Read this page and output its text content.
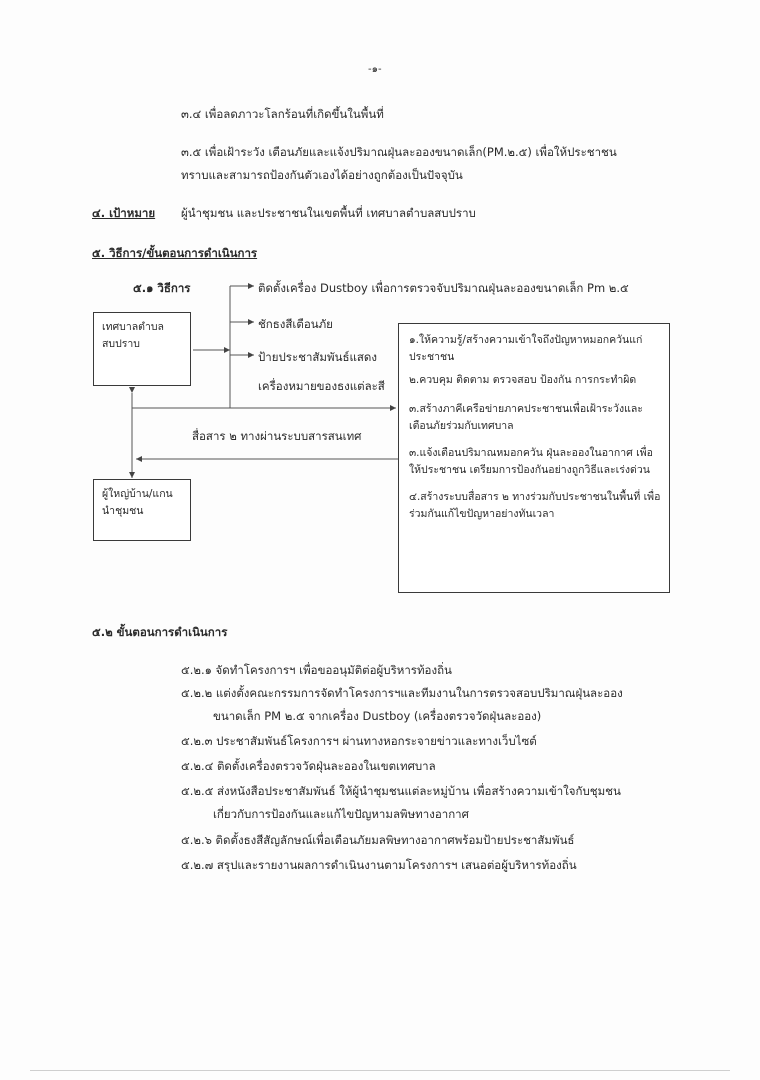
-๑-
๓.๔ เพื่อลดภาวะโลกร้อนที่เกิดขึ้นในพื้นที่
๓.๕ เพื่อเฝ้าระวัง เตือนภัยและแจ้งปริมาณฝุ่นละอองขนาดเล็ก(PM.๒.๕) เพื่อให้ประชาชน
ทราบและสามารถป้องกันตัวเองได้อย่างถูกต้องเป็นปัจจุบัน
๔. เป้าหมาย ผู้นำชุมชน และประชาชนในเขตพื้นที่ เทศบาลตำบลสบปราบ
๕. วิธีการ/ขั้นตอนการดำเนินการ
๕.๑ วิธีการ	ติดตั้งเครื่อง Dustboy เพื่อการตรวจจับปริมาณฝุ่นละอองขนาดเล็ก Pm ๒.๕
ชักธงสีเตือนภัย
ป้ายประชาสัมพันธ์แสดง
เครื่องหมายของธงแต่ละสี
เทศบาลตำบล สบปราบ
สื่อสาร ๒ ทางผ่านระบบสารสนเทศ
ผู้ใหญ่บ้าน/แกน นำชุมชน
๑.ให้ความรู้/สร้างความเข้าใจถึงปัญหาหมอกควันแก่ประชาชน
๒.ควบคุม ติดตาม ตรวจสอบ ป้องกัน การกระทำผิด
๓.สร้างภาคีเครือข่ายภาคประชาชนเพื่อเฝ้าระวังและเตือนภัยร่วมกับเทศบาล
๓.แจ้งเตือนปริมาณหมอกควัน ฝุ่นละอองในอากาศ เพื่อให้ประชาชน เตรียมการป้องกันอย่างถูกวิธีและเร่งด่วน
๔.สร้างระบบสื่อสาร ๒ ทางร่วมกับประชาชนในพื้นที่ เพื่อร่วมกันแก้ไขปัญหาอย่างทันเวลา
๕.๒ ขั้นตอนการดำเนินการ
๕.๒.๑ จัดทำโครงการฯ เพื่อขออนุมัติต่อผู้บริหารท้องถิ่น
๕.๒.๒ แต่งตั้งคณะกรรมการจัดทำโครงการฯและทีมงานในการตรวจสอบปริมาณฝุ่นละออง
ขนาดเล็ก PM ๒.๕ จากเครื่อง Dustboy (เครื่องตรวจวัดฝุ่นละออง)
๕.๒.๓ ประชาสัมพันธ์โครงการฯ ผ่านทางหอกระจายข่าวและทางเว็บไซต์
๕.๒.๔ ติดตั้งเครื่องตรวจวัดฝุ่นละอองในเขตเทศบาล
๕.๒.๕ ส่งหนังสือประชาสัมพันธ์ ให้ผู้นำชุมชนแต่ละหมู่บ้าน เพื่อสร้างความเข้าใจกับชุมชน
เกี่ยวกับการป้องกันและแก้ไขปัญหามลพิษทางอากาศ
๕.๒.๖ ติดตั้งธงสีสัญลักษณ์เพื่อเตือนภัยมลพิษทางอากาศพร้อมป้ายประชาสัมพันธ์
๕.๒.๗ สรุปและรายงานผลการดำเนินงานตามโครงการฯ เสนอต่อผู้บริหารท้องถิ่น
